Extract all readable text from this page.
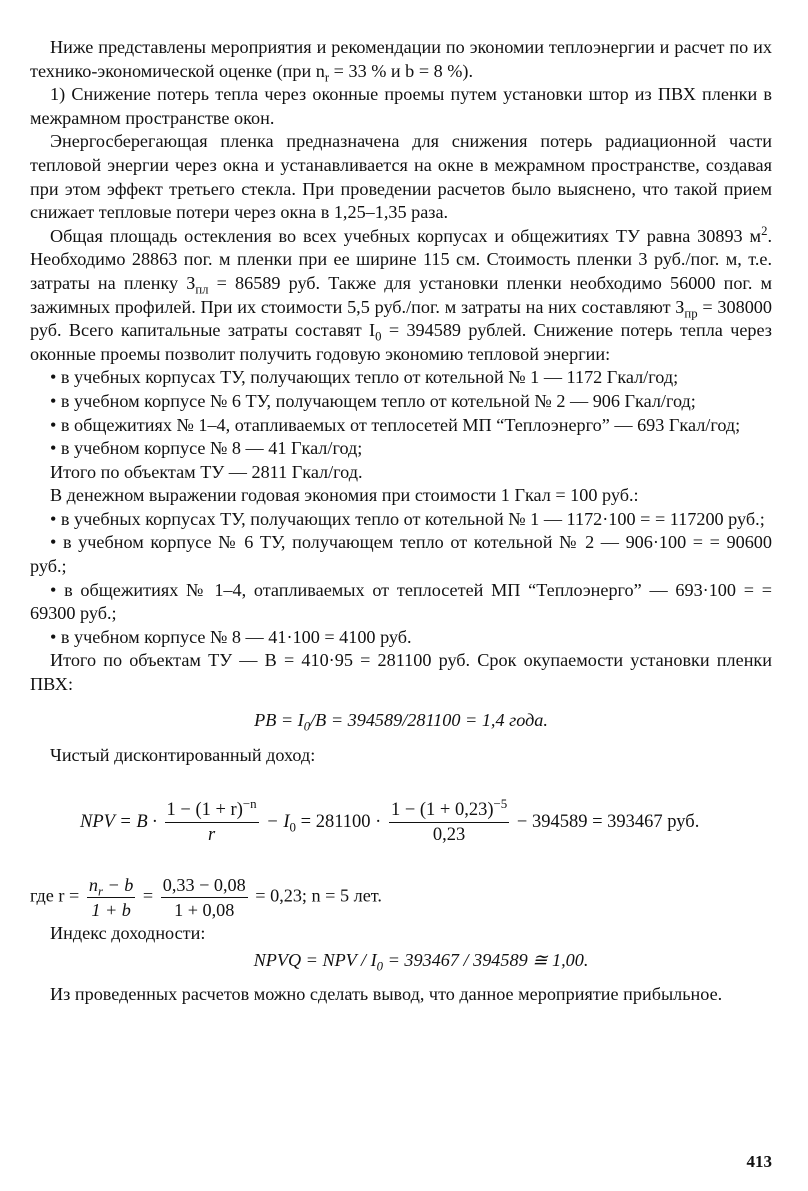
Ниже представлены мероприятия и рекомендации по экономии теплоэнергии и расчет по их технико-экономической оценке (при $n_r = 33$ % и b = 8 %).

1) Снижение потерь тепла через оконные проемы путем установки штор из ПВХ пленки в межрамном пространстве окон.

Энергосберегающая пленка предназначена для снижения потерь радиационной части тепловой энергии через окна и устанавливается на окне в межрамном пространстве, создавая при этом эффект третьего стекла. При проведении расчетов было выяснено, что такой прием снижает тепловые потери через окна в 1,25–1,35 раза.

Общая площадь остекления во всех учебных корпусах и общежитиях ТУ равна 30893 $м^2$. Необходимо 28863 пог. м пленки при ее ширине 115 см. Стоимость пленки 3 руб./пог. м, т.е. затраты на пленку $З_{пл} = 86589$ руб. Также для установки пленки необходимо 56000 пог. м зажимных профилей. При их стоимости 5,5 руб./пог. м затраты на них составляют $З_{пр} = 308000$ руб. Всего капитальные затраты составят $I_0 = 394589$ рублей. Снижение потерь тепла через оконные проемы позволит получить годовую экономию тепловой энергии:

• в учебных корпусах ТУ, получающих тепло от котельной № 1 — 1172 Гкал/год;

• в учебном корпусе № 6 ТУ, получающем тепло от котельной № 2 — 906 Гкал/год;

• в общежитиях № 1–4, отапливаемых от теплосетей МП “Теплоэнерго” — 693 Гкал/год;

• в учебном корпусе № 8 — 41 Гкал/год;

Итого по объектам ТУ — 2811 Гкал/год.

В денежном выражении годовая экономия при стоимости 1 Гкал = 100 руб.:

• в учебных корпусах ТУ, получающих тепло от котельной № 1 — 1172·100 = = 117200 руб.;

• в учебном корпусе № 6 ТУ, получающем тепло от котельной № 2 — 906·100 = = 90600 руб.;

• в общежитиях № 1–4, отапливаемых от теплосетей МП “Теплоэнерго” — 693·100 = = 69300 руб.;

• в учебном корпусе № 8 — 41·100 = 4100 руб.

Итого по объектам ТУ — B = 410·95 = 281100 руб. Срок окупаемости установки пленки ПВХ:

PB = $I_0/B = 394589/281100 = 1,4$ года.

Чистый дисконтированный доход:

NPV = $B \cdot \frac{1 - (1 + r)^{-n}}{r} - I_0 = 281100 \cdot \frac{1 - (1 + 0,23)^{-5}}{0,23} - 394589 = 393467$ руб.
где $r = \frac{n_r - b}{1 + b} = \frac{0,33 - 0,08}{1 + 0,08} = 0,23$; n = 5 лет.

Индекс доходности:

NPVQ = NPV / $I_0 = 393467 / 394589$ ≅ 1,00.

Из проведенных расчетов можно сделать вывод, что данное мероприятие прибыльное.

413
